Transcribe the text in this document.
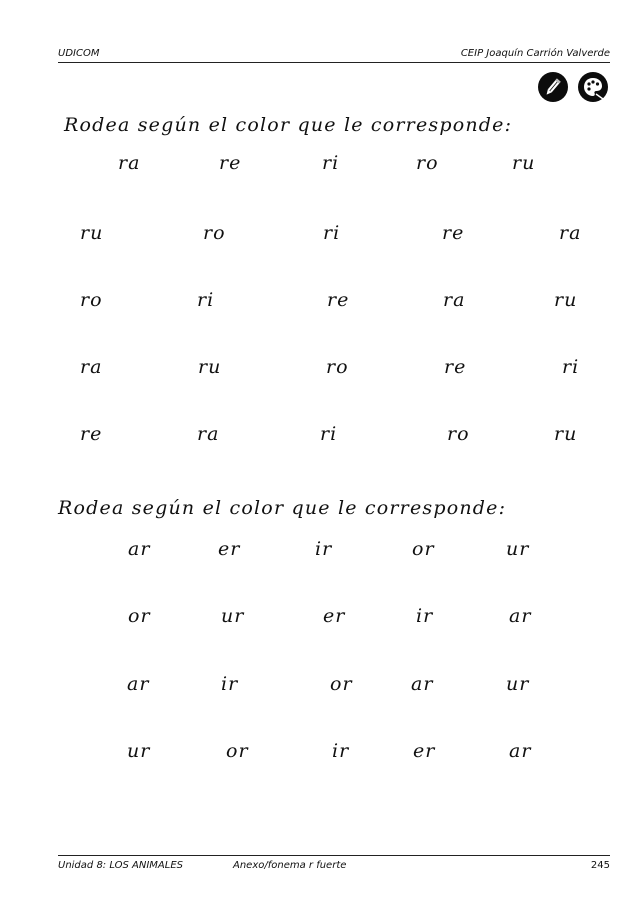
UDICOM	CEIP Joaquín Carrión Valverde
Rodea según el color que le corresponde:
ra	re	ri	ro	ru
ru	ro	ri	re	ra
ro	ri	re	ra	ru
ra	ru	ro	re	ri
re	ra	ri	ro	ru
Rodea según el color que le corresponde:
ar	er	ir	or	ur
or	ur	er	ir	ar
ar	ir	or	ar	ur
ur	or	ir	er	ar
Unidad 8: LOS ANIMALES	Anexo/fonema r fuerte	245
